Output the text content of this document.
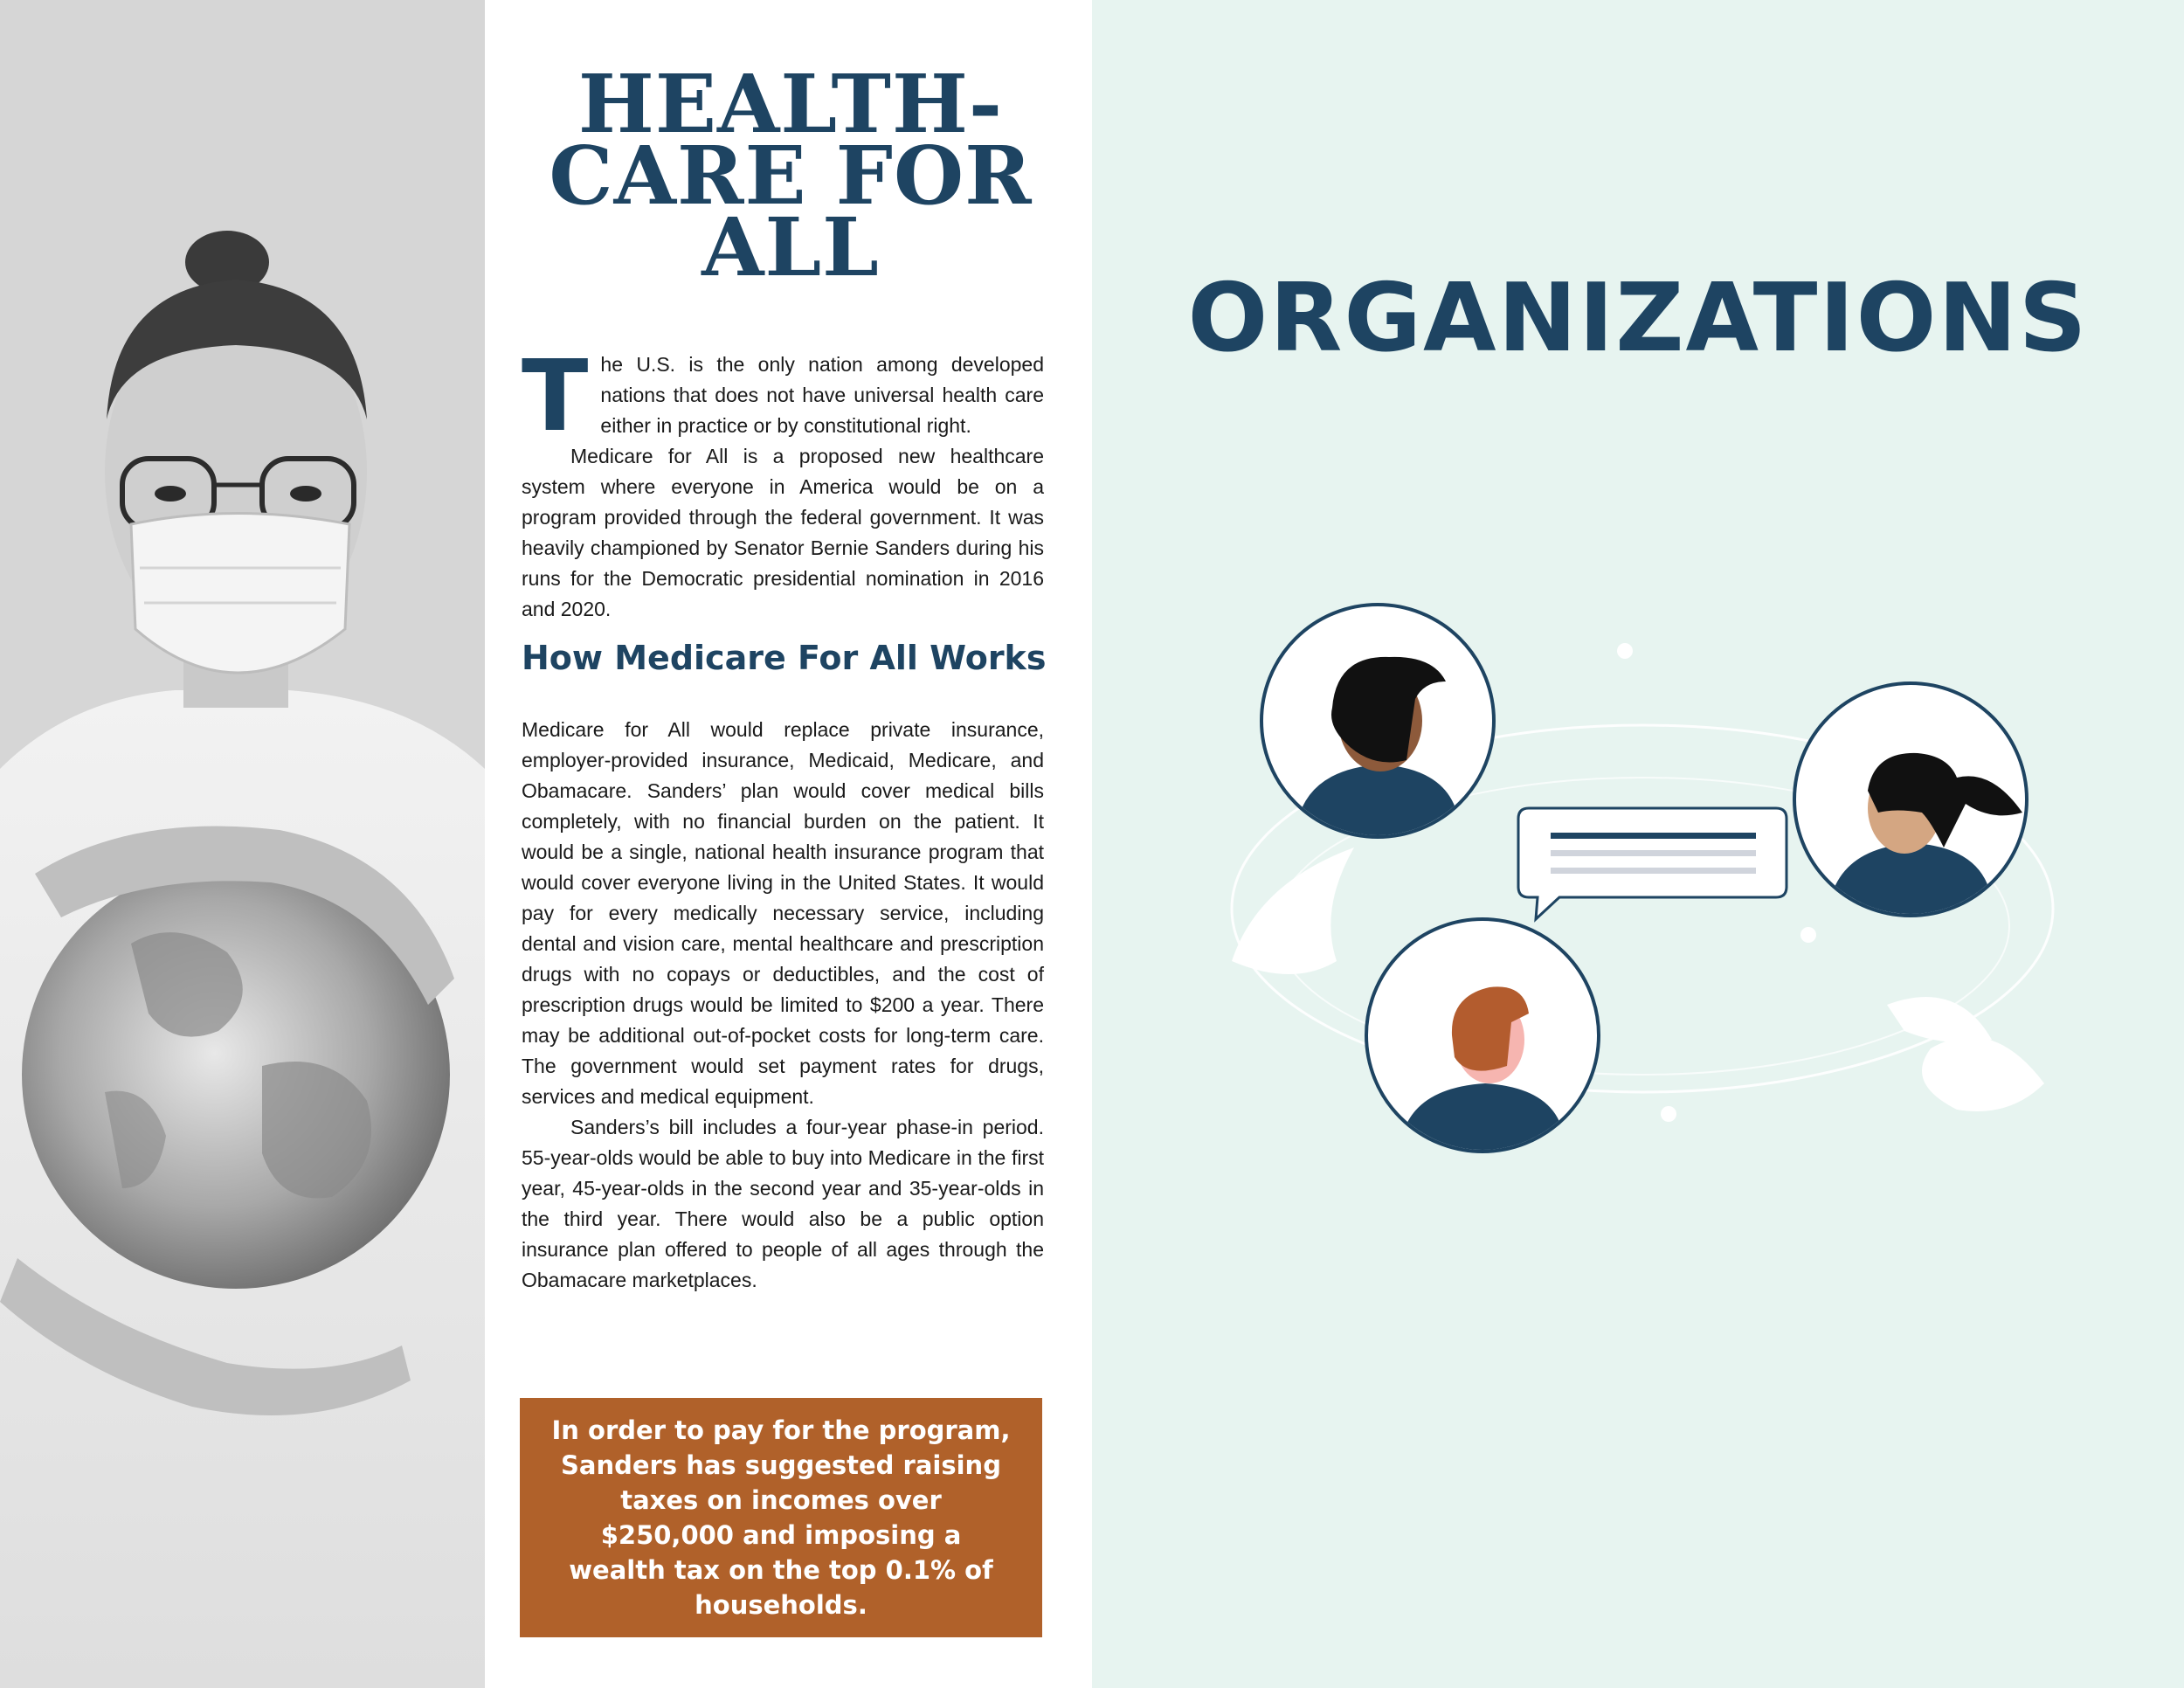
HEALTH-
CARE FOR
ALL
T he U.S. is the only nation among developed nations that does not have universal health care either in practice or by constitutional right.

Medicare for All is a proposed new healthcare system where everyone in America would be on a program provided through the federal government. It was heavily championed by Senator Bernie Sanders during his runs for the Democratic presidential nomination in 2016 and 2020.

How Medicare For All Works

Medicare for All would replace private insurance, employer-provided insurance, Medicaid, Medicare, and Obamacare. Sanders’ plan would cover medical bills completely, with no financial burden on the patient. It would be a single, national health insurance program that would cover everyone living in the United States. It would pay for every medically necessary service, including dental and vision care, mental healthcare and prescription drugs with no copays or deductibles, and the cost of prescription drugs would be limited to $200 a year. There may be additional out-of-pocket costs for long-term care. The government would set payment rates for drugs, services and medical equipment.

Sanders’s bill includes a four-year phase-in period. 55-year-olds would be able to buy into Medicare in the first year, 45-year-olds in the second year and 35-year-olds in the third year. There would also be a public option insurance plan offered to people of all ages through the Obamacare marketplaces.

In order to pay for the program, Sanders has suggested raising taxes on incomes over $250,000 and imposing a wealth tax on the top 0.1% of households.

ORGANIZATIONS
